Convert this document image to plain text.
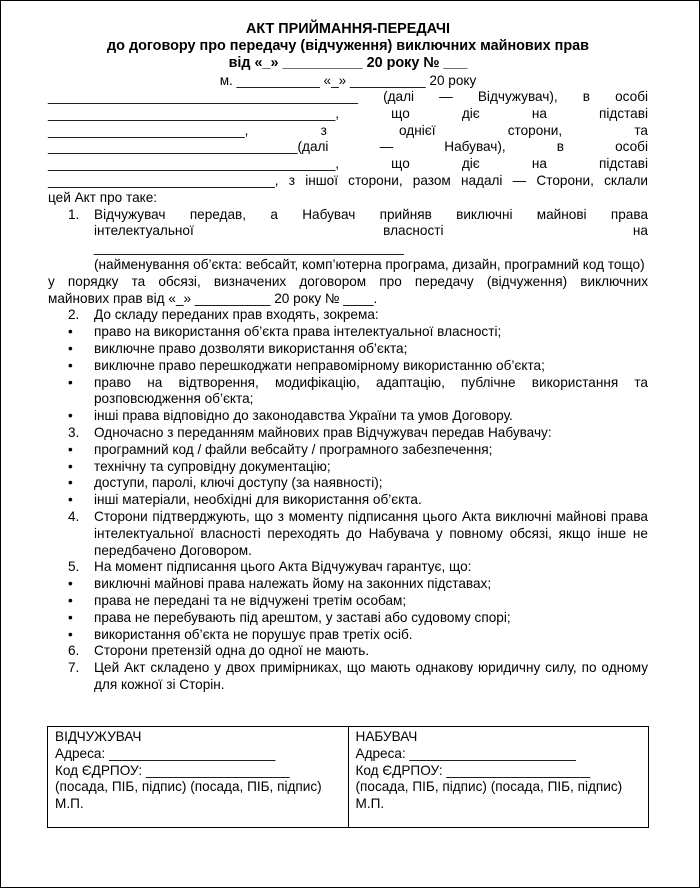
АКТ ПРИЙМАННЯ-ПЕРЕДАЧІ
до договору про передачу (відчуження) виключних майнових прав
від «_» __________ 20 року № ___
м. ___________ «_» __________ 20 року
_________________________________________ (далі — Відчужувач), в особі
______________________________________, що діє на підставі
__________________________, з однієї сторони, та
_________________________________(далі — Набувач), в особі
______________________________________, що діє на підставі
______________________________, з іншої сторони, разом надалі — Сторони, склали
цей Акт про таке:
1.	Відчужувач передав, а Набувач прийняв виключні майнові права
інтелектуальної власності на
_________________________________________
(найменування об’єкта: вебсайт, комп’ютерна програма, дизайн, програмний код тощо)
у порядку та обсязі, визначених договором про передачу (відчуження) виключних
майнових прав від «_» __________ 20 року № ____.
2.	До складу переданих прав входять, зокрема:
•	право на використання об’єкта права інтелектуальної власності;
•	виключне право дозволяти використання об’єкта;
•	виключне право перешкоджати неправомірному використанню об’єкта;
•	право на відтворення, модифікацію, адаптацію, публічне використання та розповсюдження об’єкта;
•	інші права відповідно до законодавства України та умов Договору.
3.	Одночасно з переданням майнових прав Відчужувач передав Набувачу:
•	програмний код / файли вебсайту / програмного забезпечення;
•	технічну та супровідну документацію;
•	доступи, паролі, ключі доступу (за наявності);
•	інші матеріали, необхідні для використання об’єкта.
4.	Сторони підтверджують, що з моменту підписання цього Акта виключні майнові права інтелектуальної власності переходять до Набувача у повному обсязі, якщо інше не передбачено Договором.
5.	На момент підписання цього Акта Відчужувач гарантує, що:
•	виключні майнові права належать йому на законних підставах;
•	права не передані та не відчужені третім особам;
•	права не перебувають під арештом, у заставі або судовому спорі;
•	використання об’єкта не порушує прав третіх осіб.
6.	Сторони претензій одна до одної не мають.
7.	Цей Акт складено у двох примірниках, що мають однакову юридичну силу, по одному для кожної зі Сторін.
ВІДЧУЖУВАЧ
Адреса: ______________________
Код ЄДРПОУ: ___________________
(посада, ПІБ, підпис) (посада, ПІБ, підпис)
М.П.

НАБУВАЧ
Адреса: ______________________
Код ЄДРПОУ: ___________________
(посада, ПІБ, підпис) (посада, ПІБ, підпис)
М.П.
